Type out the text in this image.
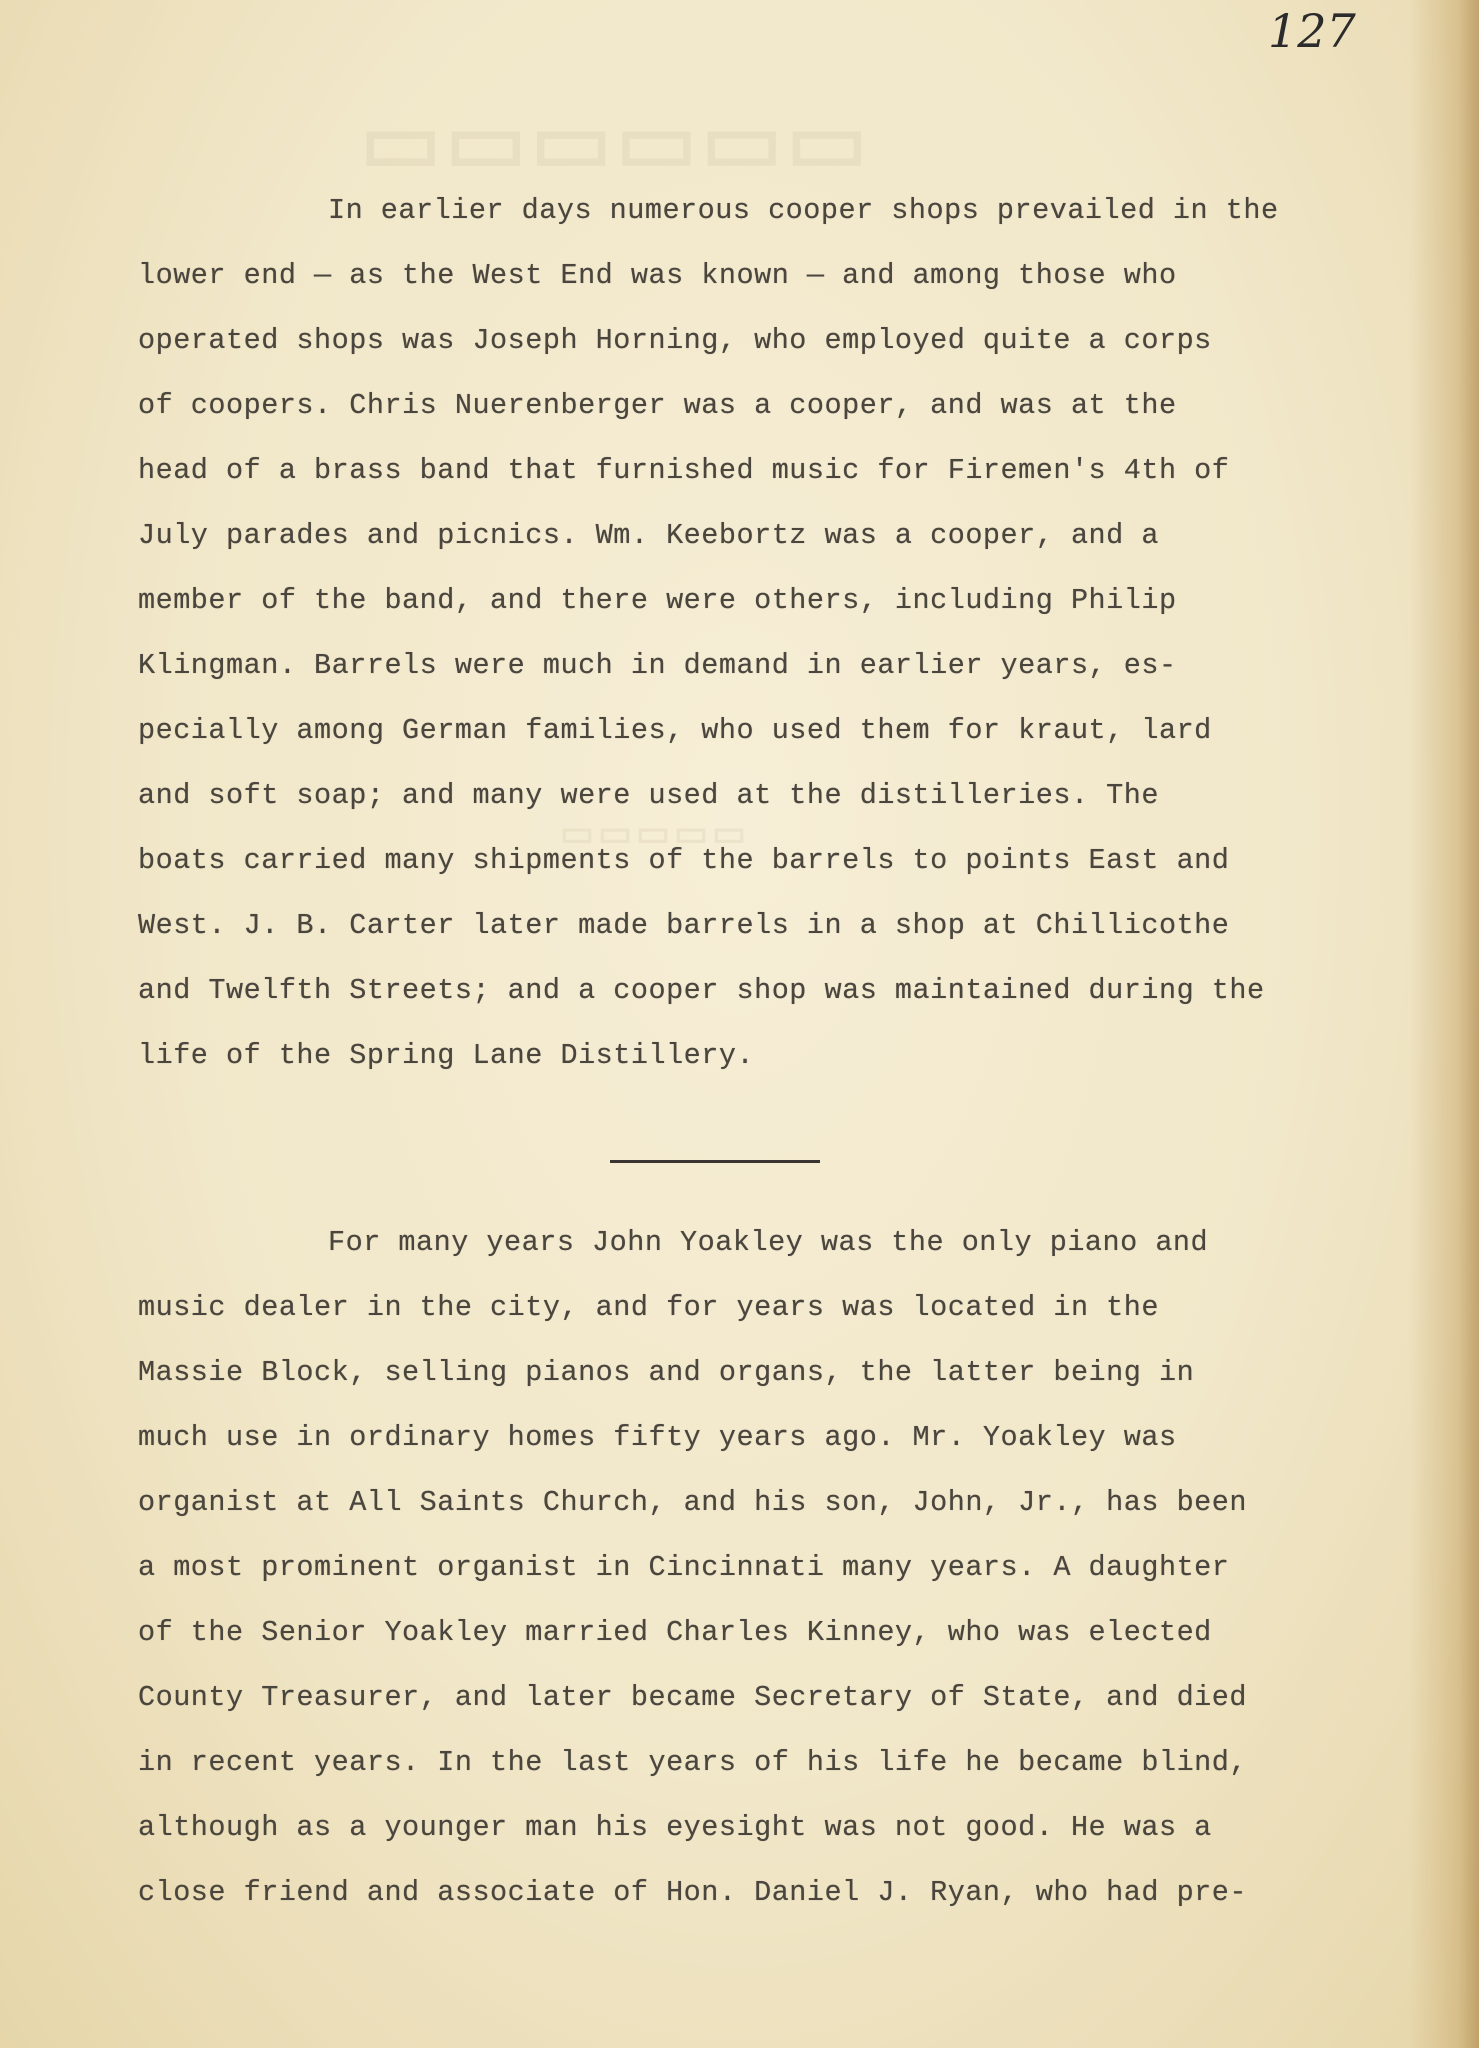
▭▭▭▭▭▭
▭▭▭▭▭
127

In earlier days numerous cooper shops prevailed in the
lower end — as the West End was known — and among those who
operated shops was Joseph Horning, who employed quite a corps
of coopers. Chris Nuerenberger was a cooper, and was at the
head of a brass band that furnished music for Firemen's 4th of
July parades and picnics. Wm. Keebortz was a cooper, and a
member of the band, and there were others, including Philip
Klingman. Barrels were much in demand in earlier years, es-
pecially among German families, who used them for kraut, lard
and soft soap; and many were used at the distilleries. The
boats carried many shipments of the barrels to points East and
West. J. B. Carter later made barrels in a shop at Chillicothe
and Twelfth Streets; and a cooper shop was maintained during the
life of the Spring Lane Distillery.

For many years John Yoakley was the only piano and
music dealer in the city, and for years was located in the
Massie Block, selling pianos and organs, the latter being in
much use in ordinary homes fifty years ago. Mr. Yoakley was
organist at All Saints Church, and his son, John, Jr., has been
a most prominent organist in Cincinnati many years. A daughter
of the Senior Yoakley married Charles Kinney, who was elected
County Treasurer, and later became Secretary of State, and died
in recent years. In the last years of his life he became blind,
although as a younger man his eyesight was not good. He was a
close friend and associate of Hon. Daniel J. Ryan, who had pre-
